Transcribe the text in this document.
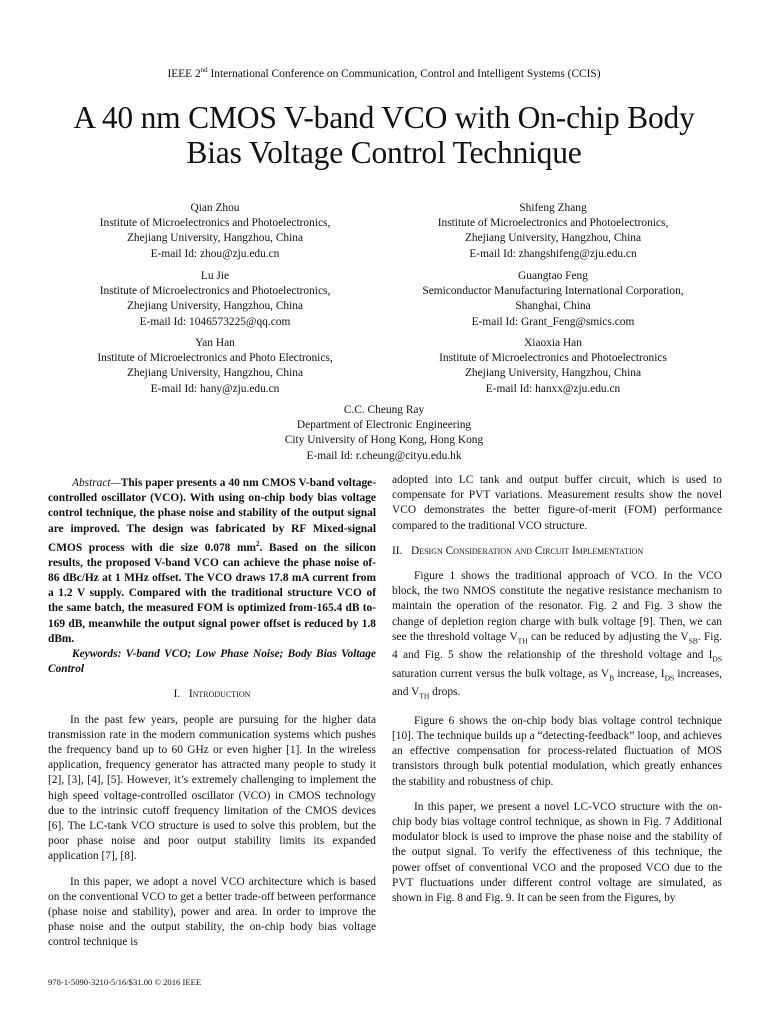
IEEE 2nd International Conference on Communication, Control and Intelligent Systems (CCIS)
A 40 nm CMOS V-band VCO with On-chip Body
Bias Voltage Control Technique
Qian Zhou
Institute of Microelectronics and Photoelectronics,
Zhejiang University, Hangzhou, China
E-mail Id: zhou@zju.edu.cn
Shifeng Zhang
Institute of Microelectronics and Photoelectronics,
Zhejiang University, Hangzhou, China
E-mail Id: zhangshifeng@zju.edu.cn
Lu Jie
Institute of Microelectronics and Photoelectronics,
Zhejiang University, Hangzhou, China
E-mail Id: 1046573225@qq.com
Guangtao Feng
Semiconductor Manufacturing International Corporation,
Shanghai, China
E-mail Id: Grant_Feng@smics.com
Yan Han
Institute of Microelectronics and Photo Electronics,
Zhejiang University, Hangzhou, China
E-mail Id: hany@zju.edu.cn
Xiaoxia Han
Institute of Microelectronics and Photoelectronics
Zhejiang University, Hangzhou, China
E-mail Id: hanxx@zju.edu.cn
C.C. Cheung Ray
Department of Electronic Engineering
City University of Hong Kong, Hong Kong
E-mail Id: r.cheung@cityu.edu.hk

Abstract—This paper presents a 40 nm CMOS V-band voltage-controlled oscillator (VCO). With using on-chip body bias voltage control technique, the phase noise and stability of the output signal are improved. The design was fabricated by RF Mixed-signal CMOS process with die size 0.078 $mm^2$. Based on the silicon results, the proposed V-band VCO can achieve the phase noise of-86 dBc/Hz at 1 MHz offset. The VCO draws 17.8 mA current from a 1.2 V supply. Compared with the traditional structure VCO of the same batch, the measured FOM is optimized from-165.4 dB to-169 dB, meanwhile the output signal power offset is reduced by 1.8 dBm.

Keywords: V-band VCO; Low Phase Noise; Body Bias Voltage Control

I. Introduction

In the past few years, people are pursuing for the higher data transmission rate in the modern communication systems which pushes the frequency band up to 60 GHz or even higher [1]. In the wireless application, frequency generator has attracted many people to study it [2], [3], [4], [5]. However, it’s extremely challenging to implement the high speed voltage-controlled oscillator (VCO) in CMOS technology due to the intrinsic cutoff frequency limitation of the CMOS devices [6]. The LC-tank VCO structure is used to solve this problem, but the poor phase noise and poor output stability limits its expanded application [7], [8].

In this paper, we adopt a novel VCO architecture which is based on the conventional VCO to get a better trade-off between performance (phase noise and stability), power and area. In order to improve the phase noise and the output stability, the on-chip body bias voltage control technique is

adopted into LC tank and output buffer circuit, which is used to compensate for PVT variations. Measurement results show the novel VCO demonstrates the better figure-of-merit (FOM) performance compared to the traditional VCO structure.

II. Design Consideration and Circuit Implementation

Figure 1 shows the traditional approach of VCO. In the VCO block, the two NMOS constitute the negative resistance mechanism to maintain the operation of the resonator. Fig. 2 and Fig. 3 show the change of depletion region charge with bulk voltage [9]. Then, we can see the threshold voltage $V_{TH}$ can be reduced by adjusting the $V_{SB}$. Fig. 4 and Fig. 5 show the relationship of the threshold voltage and $I_{DS}$ saturation current versus the bulk voltage, as $V_B$ increase, $I_{DS}$ increases, and $V_{TH}$ drops.

Figure 6 shows the on-chip body bias voltage control technique [10]. The technique builds up a “detecting-feedback” loop, and achieves an effective compensation for process-related fluctuation of MOS transistors through bulk potential modulation, which greatly enhances the stability and robustness of chip.

In this paper, we present a novel LC-VCO structure with the on-chip body bias voltage control technique, as shown in Fig. 7 Additional modulator block is used to improve the phase noise and the stability of the output signal. To verify the effectiveness of this technique, the power offset of conventional VCO and the proposed VCO due to the PVT fluctuations under different control voltage are simulated, as shown in Fig. 8 and Fig. 9. It can be seen from the Figures, by

978-1-5090-3210-5/16/$31.00 © 2016 IEEE
